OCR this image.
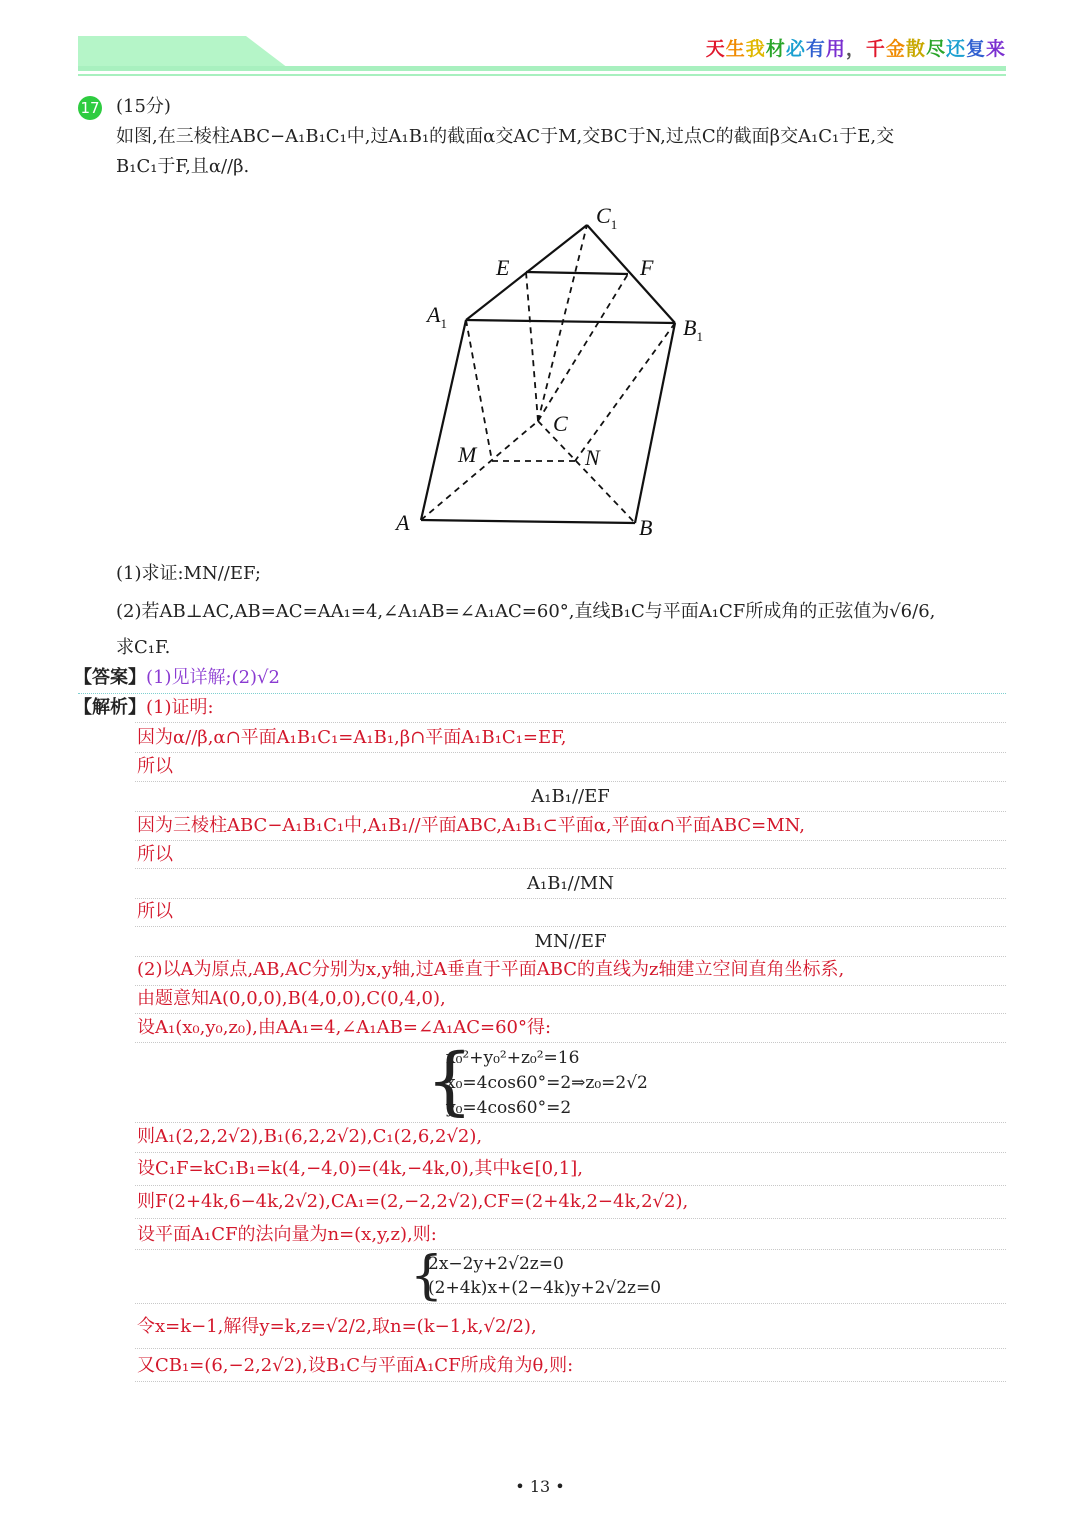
天生我材必有用，千金散尽还复来
17 (15分)
如图,在三棱柱ABC−A₁B₁C₁中,过A₁B₁的截面α交AC于M,交BC于N,过点C的截面β交A₁C₁于E,交
B₁C₁于F,且α//β.
$C_1$
E	F
$A_1$	$B_1$
C
M	N
A	B
(1)求证:MN//EF;
(2)若AB⊥AC,AB=AC=AA₁=4,∠A₁AB=∠A₁AC=60°,直线B₁C与平面A₁CF所成角的正弦值为√6/6,
求C₁F.
【答案】(1)见详解;(2)√2
【解析】(1)证明:
因为α//β,α∩平面A₁B₁C₁=A₁B₁,β∩平面A₁B₁C₁=EF,
所以
A₁B₁//EF
因为三棱柱ABC−A₁B₁C₁中,A₁B₁//平面ABC,A₁B₁⊂平面α,平面α∩平面ABC=MN,
所以
A₁B₁//MN
所以
MN//EF
(2)以A为原点,AB,AC分别为x,y轴,过A垂直于平面ABC的直线为z轴建立空间直角坐标系,
由题意知A(0,0,0),B(4,0,0),C(0,4,0),
设A₁(x₀,y₀,z₀),由AA₁=4,∠A₁AB=∠A₁AC=60°得:
{
x₀²+y₀²+z₀²=16
x₀=4cos60°=2⇒z₀=2√2
y₀=4cos60°=2
则A₁(2,2,2√2),B₁(6,2,2√2),C₁(2,6,2√2),
设C₁F=kC₁B₁=k(4,−4,0)=(4k,−4k,0),其中k∈[0,1],
则F(2+4k,6−4k,2√2),CA₁=(2,−2,2√2),CF=(2+4k,2−4k,2√2),
设平面A₁CF的法向量为n=(x,y,z),则:
{
2x−2y+2√2z=0
(2+4k)x+(2−4k)y+2√2z=0
令x=k−1,解得y=k,z=√2/2,取n=(k−1,k,√2/2),
又CB₁=(6,−2,2√2),设B₁C与平面A₁CF所成角为θ,则:
• 13 •
